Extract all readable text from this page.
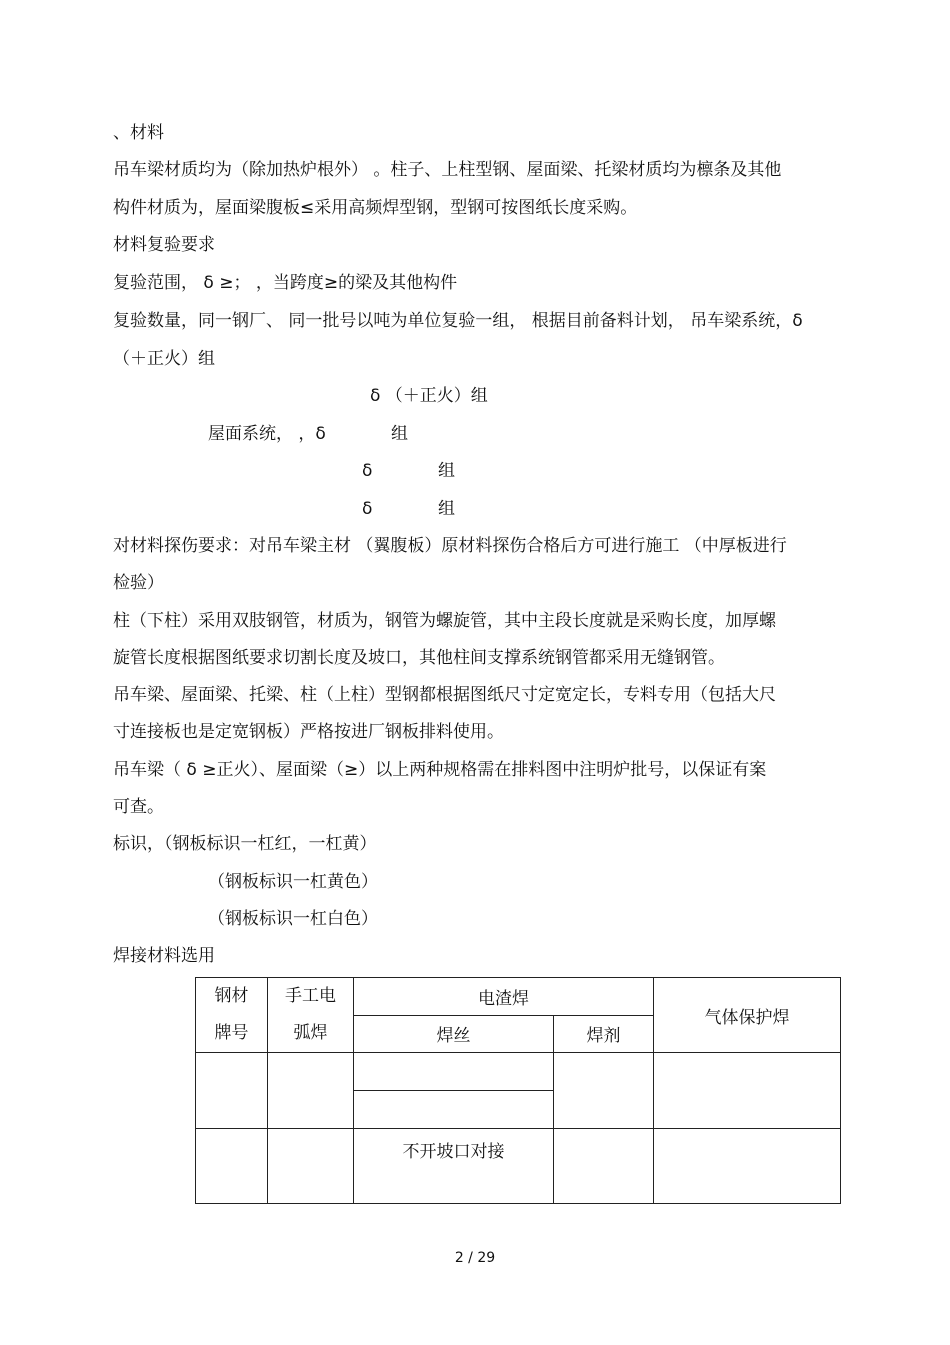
、材料
吊车梁材质均为（除加热炉根外） 。柱子、上柱型钢、屋面梁、托梁材质均为檩条及其他
构件材质为，屋面梁腹板≤采用高频焊型钢，型钢可按图纸长度采购。
材料复验要求
复验范围， δ ≥； ，当跨度≥的梁及其他构件
复验数量，同一钢厂、 同一批号以吨为单位复验一组， 根据目前备料计划， 吊车梁系统，δ
（＋正火）组
δ （＋正火）组
屋面系统， ，δ	组
δ	组
δ	组
对材料探伤要求：对吊车梁主材 （翼腹板）原材料探伤合格后方可进行施工 （中厚板进行
检验）
柱（下柱）采用双肢钢管，材质为，钢管为螺旋管，其中主段长度就是采购长度，加厚螺
旋管长度根据图纸要求切割长度及坡口，其他柱间支撑系统钢管都采用无缝钢管。
吊车梁、屋面梁、托梁、柱（上柱）型钢都根据图纸尺寸定宽定长，专料专用（包括大尺
寸连接板也是定宽钢板）严格按进厂钢板排料使用。
吊车梁（ δ ≥正火）、屋面梁（≥）以上两种规格需在排料图中注明炉批号，以保证有案
可查。
标识，（钢板标识一杠红，一杠黄）
（钢板标识一杠黄色）
（钢板标识一杠白色）
焊接材料选用
钢材牌号	手工电弧焊	电渣焊		气体保护焊
		焊丝	焊剂	

		不开坡口对接		
2 / 29
